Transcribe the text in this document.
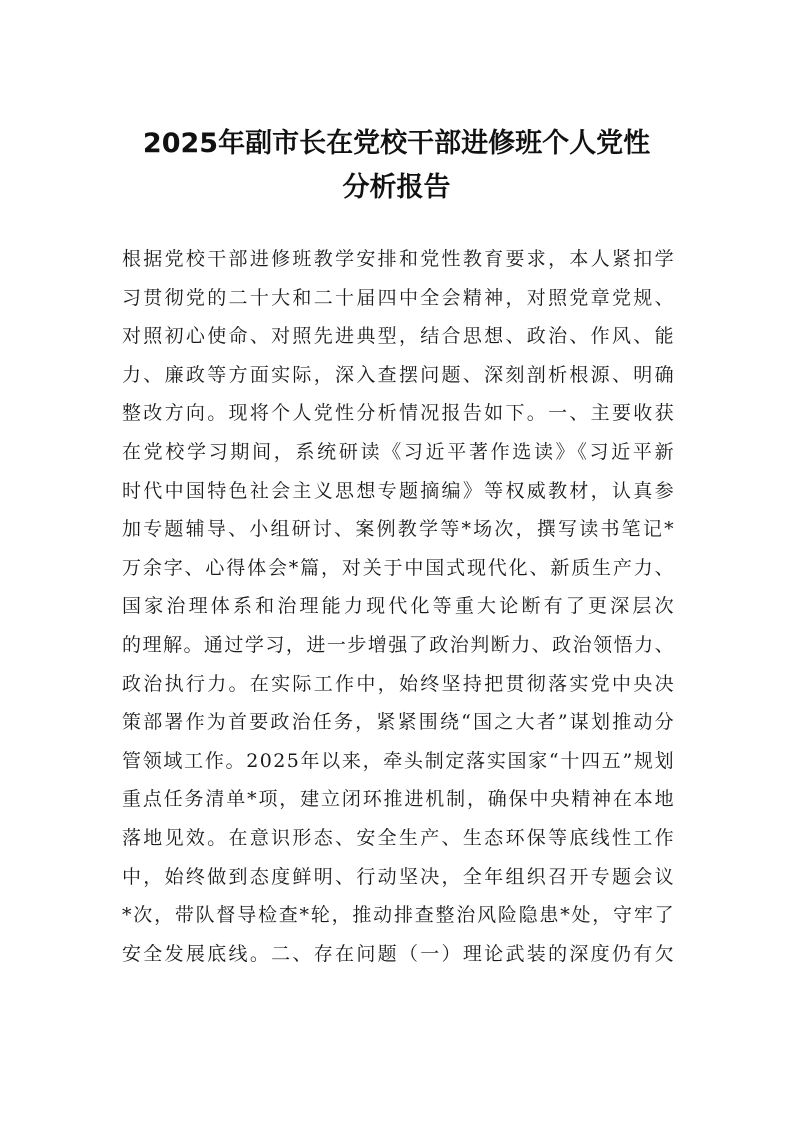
2025年副市长在党校干部进修班个人党性
分析报告
根据党校干部进修班教学安排和党性教育要求，本人紧扣学
习贯彻党的二十大和二十届四中全会精神，对照党章党规、
对照初心使命、对照先进典型，结合思想、政治、作风、能
力、廉政等方面实际，深入查摆问题、深刻剖析根源、明确
整改方向。现将个人党性分析情况报告如下。一、主要收获
在党校学习期间，系统研读《习近平著作选读》《习近平新
时代中国特色社会主义思想专题摘编》等权威教材，认真参
加专题辅导、小组研讨、案例教学等*场次，撰写读书笔记*
万余字、心得体会*篇，对关于中国式现代化、新质生产力、
国家治理体系和治理能力现代化等重大论断有了更深层次
的理解。通过学习，进一步增强了政治判断力、政治领悟力、
政治执行力。在实际工作中，始终坚持把贯彻落实党中央决
策部署作为首要政治任务，紧紧围绕“国之大者”谋划推动分
管领域工作。2025年以来，牵头制定落实国家“十四五”规划
重点任务清单*项，建立闭环推进机制，确保中央精神在本地
落地见效。在意识形态、安全生产、生态环保等底线性工作
中，始终做到态度鲜明、行动坚决，全年组织召开专题会议
*次，带队督导检查*轮，推动排查整治风险隐患*处，守牢了
安全发展底线。二、存在问题（一）理论武装的深度仍有欠
